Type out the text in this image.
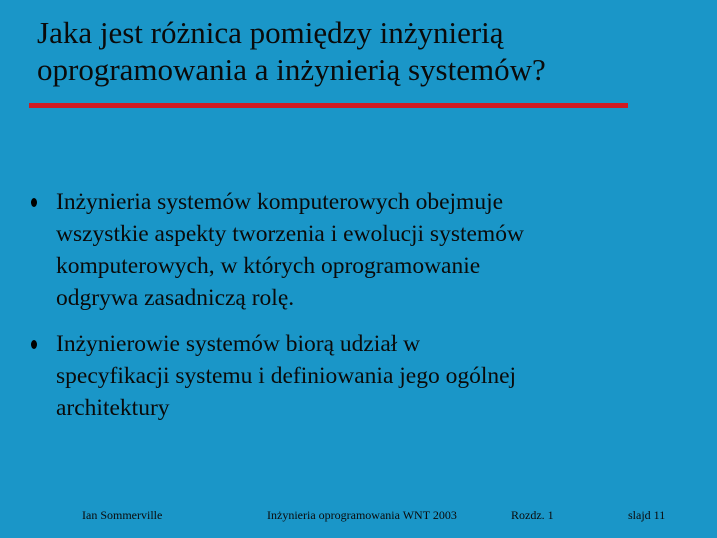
Jaka jest różnica pomiędzy inżynierią
oprogramowania a inżynierią systemów?
Inżynieria systemów komputerowych obejmuje
wszystkie aspekty tworzenia i ewolucji systemów
komputerowych, w których oprogramowanie
odgrywa zasadniczą rolę.
Inżynierowie systemów biorą udział w
specyfikacji systemu i definiowania jego ogólnej
architektury
Ian Sommerville	Inżynieria oprogramowania WNT 2003	Rozdz. 1	slajd 11
